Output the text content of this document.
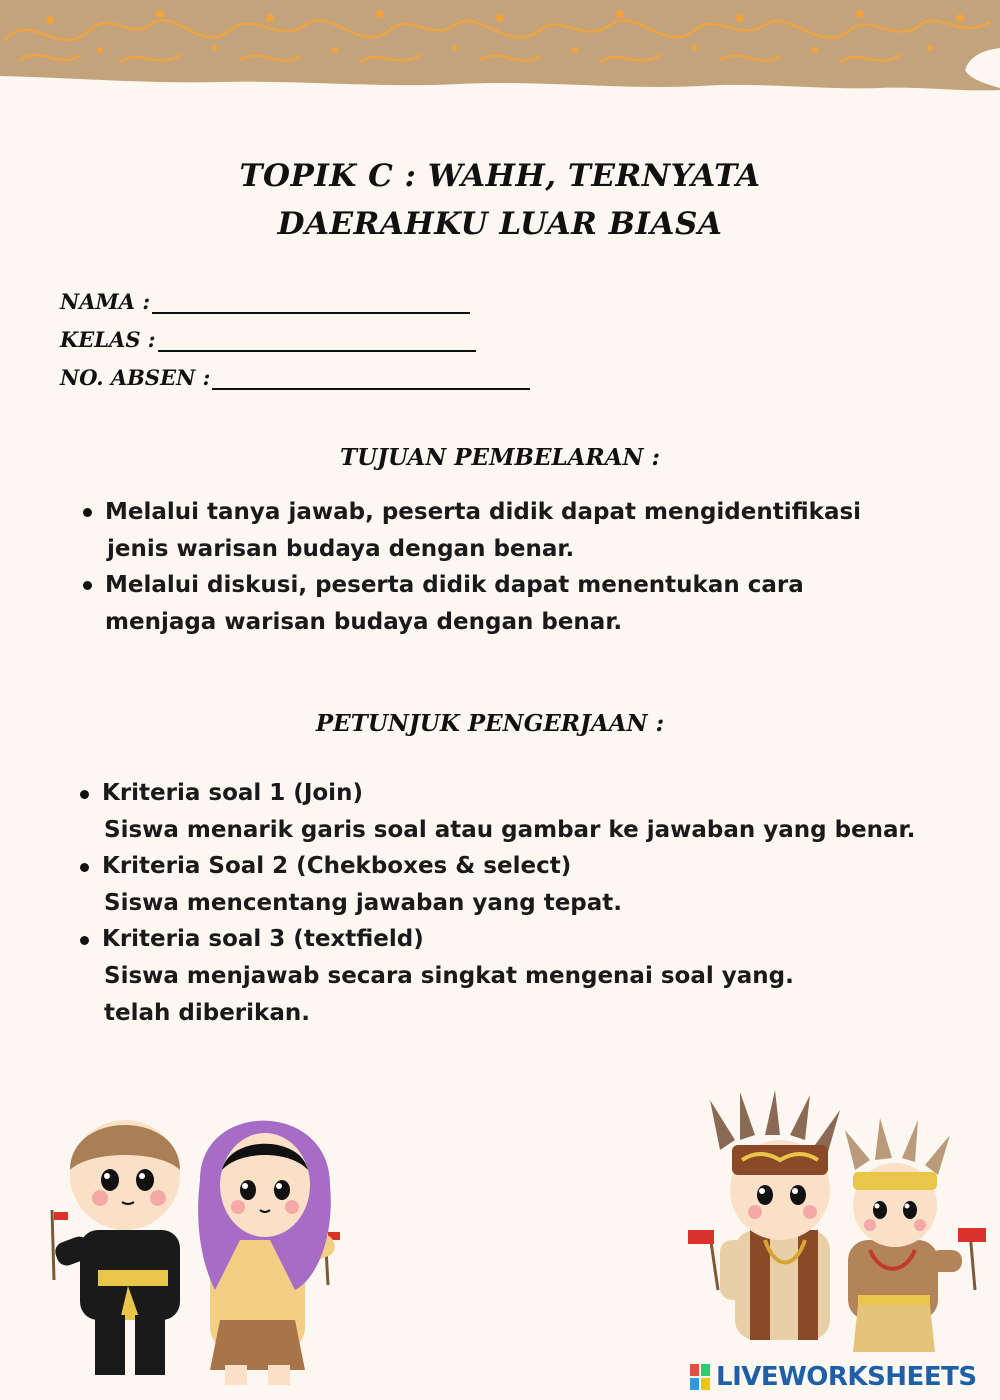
TOPIK C : WAHH, TERNYATA
DAERAHKU LUAR BIASA
NAMA :
KELAS :
NO. ABSEN :
TUJUAN PEMBELARAN :
Melalui tanya jawab, peserta didik dapat mengidentifikasi
jenis warisan budaya dengan benar.
Melalui diskusi, peserta didik dapat menentukan cara
menjaga warisan budaya dengan benar.
PETUNJUK PENGERJAAN :
Kriteria soal 1 (Join)
Siswa menarik garis soal atau gambar ke jawaban yang benar.
Kriteria Soal 2 (Chekboxes & select)
Siswa mencentang jawaban yang tepat.
Kriteria soal 3 (textfield)
Siswa menjawab secara singkat mengenai soal yang.
telah diberikan.
LIVEWORKSHEETS
